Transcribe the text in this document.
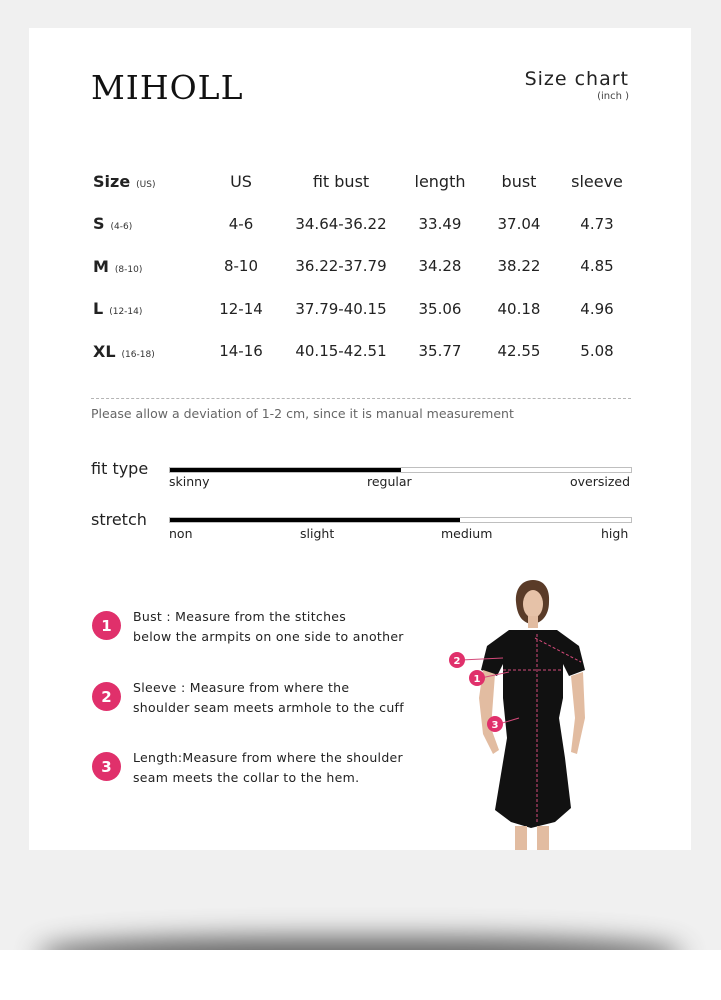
MIHOLL	Size chart
(inch )
Size (US)	US	fit bust	length	bust	sleeve
S (4-6)	4-6	34.64-36.22	33.49	37.04	4.73
M (8-10)	8-10	36.22-37.79	34.28	38.22	4.85
L (12-14)	12-14	37.79-40.15	35.06	40.18	4.96
XL (16-18)	14-16	40.15-42.51	35.77	42.55	5.08
Please allow a deviation of 1-2 cm, since it is manual measurement
fit type
skinny	regular	oversized
stretch
non	slight	medium	high
1	Bust : Measure from the stitches
below the armpits on one side to another
2	Sleeve : Measure from where the
shoulder seam meets armhole to the cuff
3	Length:Measure from where the shoulder
seam meets the collar to the hem.
2
1
3
